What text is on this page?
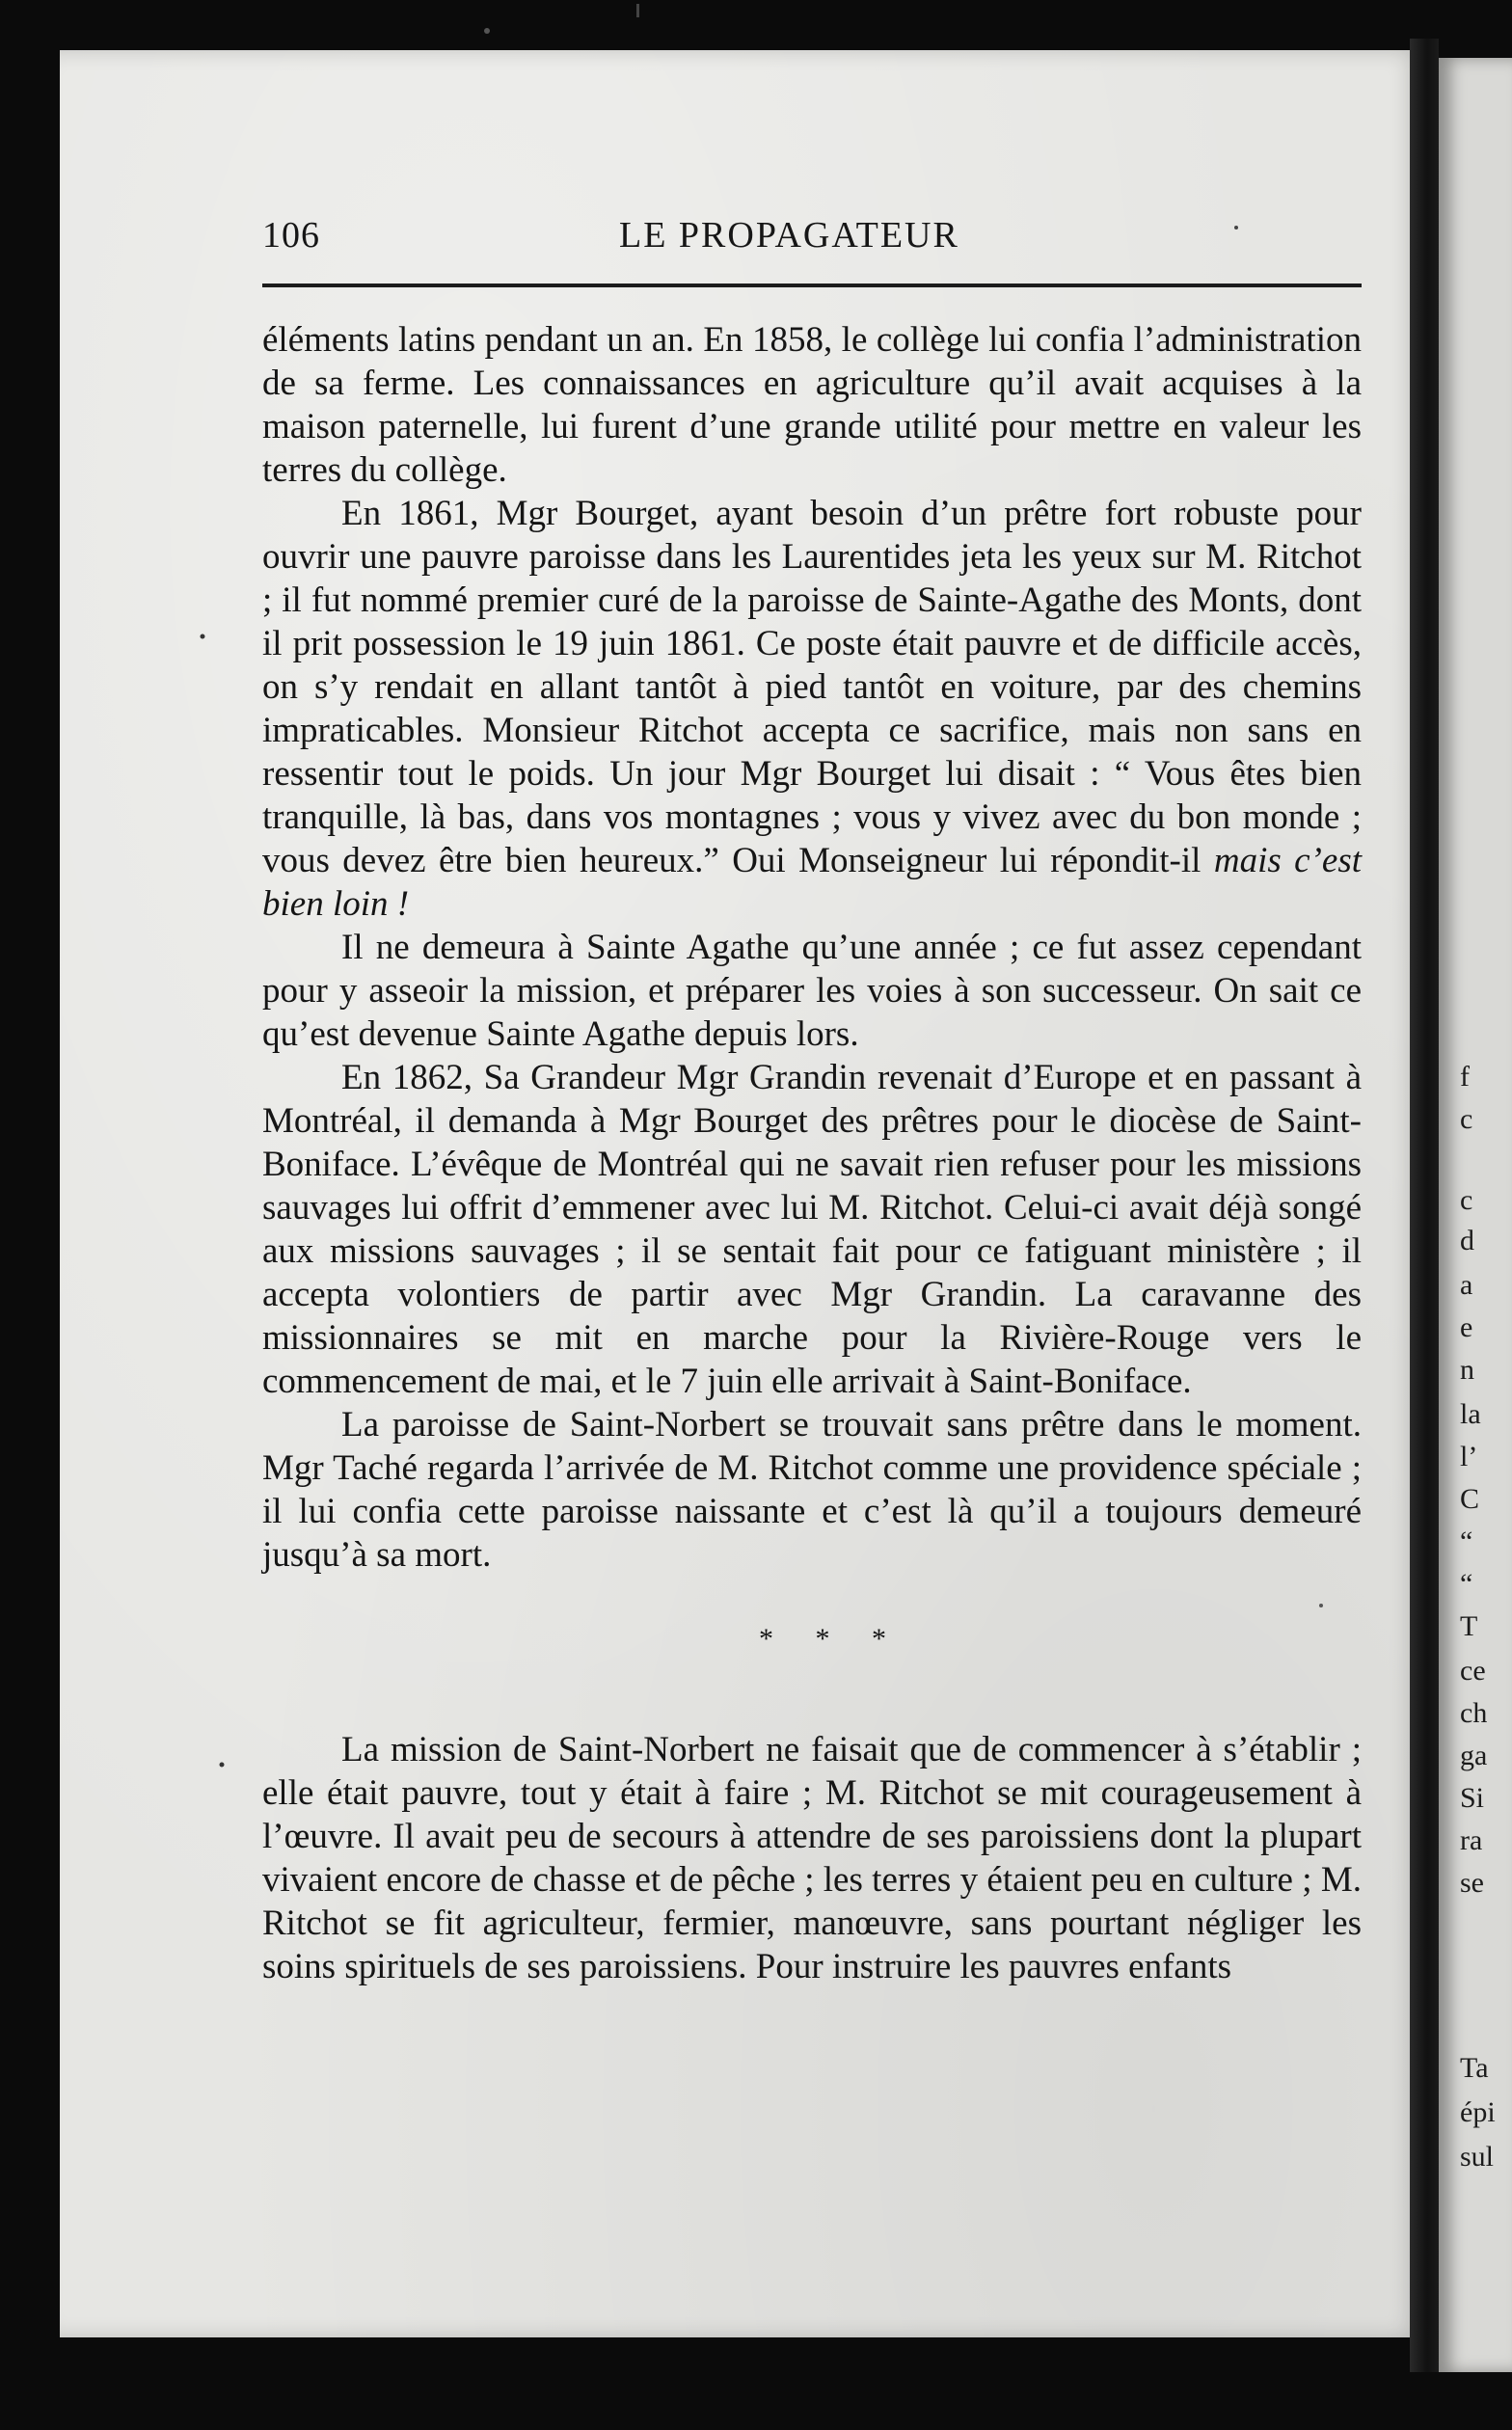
106	LE PROPAGATEUR

éléments latins pendant un an. En 1858, le collège lui confia l’administration de sa ferme. Les connaissances en agriculture qu’il avait acquises à la maison paternelle, lui furent d’une grande utilité pour mettre en valeur les terres du collège.

En 1861, Mgr Bourget, ayant besoin d’un prêtre fort robuste pour ouvrir une pauvre paroisse dans les Laurentides jeta les yeux sur M. Ritchot ; il fut nommé premier curé de la paroisse de Sainte-Agathe des Monts, dont il prit possession le 19 juin 1861. Ce poste était pauvre et de difficile accès, on s’y rendait en allant tantôt à pied tantôt en voiture, par des chemins impraticables. Monsieur Ritchot accepta ce sacrifice, mais non sans en ressentir tout le poids. Un jour Mgr Bourget lui disait : “ Vous êtes bien tranquille, là bas, dans vos montagnes ; vous y vivez avec du bon monde ; vous devez être bien heureux.” Oui Monseigneur lui répondit-il mais c’est bien loin !

Il ne demeura à Sainte Agathe qu’une année ; ce fut assez cependant pour y asseoir la mission, et préparer les voies à son successeur. On sait ce qu’est devenue Sainte Agathe depuis lors.

En 1862, Sa Grandeur Mgr Grandin revenait d’Europe et en passant à Montréal, il demanda à Mgr Bourget des prêtres pour le diocèse de Saint-Boniface. L’évêque de Montréal qui ne savait rien refuser pour les missions sauvages lui offrit d’emmener avec lui M. Ritchot. Celui-ci avait déjà songé aux missions sauvages ; il se sentait fait pour ce fatiguant ministère ; il accepta volontiers de partir avec Mgr Grandin. La caravanne des missionnaires se mit en marche pour la Rivière-Rouge vers le commencement de mai, et le 7 juin elle arrivait à Saint-Boniface.

La paroisse de Saint-Norbert se trouvait sans prêtre dans le moment. Mgr Taché regarda l’arrivée de M. Ritchot comme une providence spéciale ; il lui confia cette paroisse naissante et c’est là qu’il a toujours demeuré jusqu’à sa mort.

* * *

La mission de Saint-Norbert ne faisait que de commencer à s’établir ; elle était pauvre, tout y était à faire ; M. Ritchot se mit courageusement à l’œuvre. Il avait peu de secours à attendre de ses paroissiens dont la plupart vivaient encore de chasse et de pêche ; les terres y étaient peu en culture ; M. Ritchot se fit agriculteur, fermier, manœuvre, sans pourtant négliger les soins spirituels de ses paroissiens. Pour instruire les pauvres enfants

f
c
c
d
a
e
n
la
l’
C
“
“
T
ce
ch
ga
Si
ra
se
Ta
épi
sul
